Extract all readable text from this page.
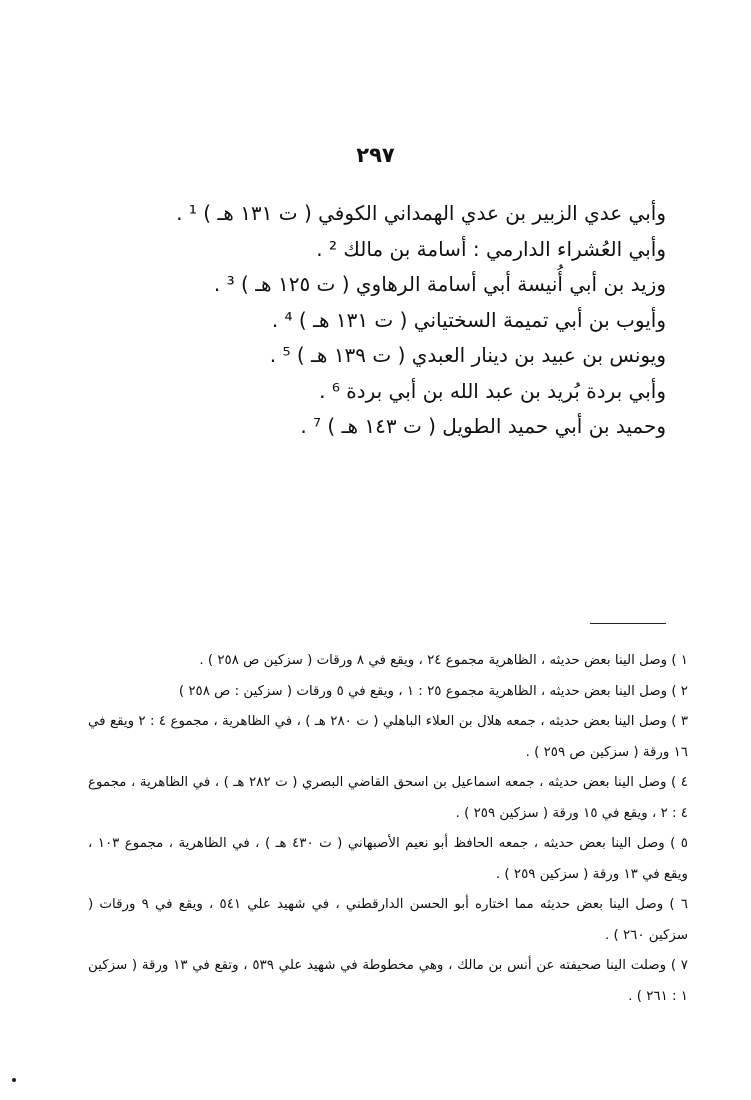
٢٩٧
وأبي عدي الزبير بن عدي الهمداني الكوفي ( ت ١٣١ هـ ) ¹ .
وأبي العُشراء الدارمي : أسامة بن مالك ² .
وزيد بن أبي أُنيسة أبي أسامة الرهاوي ( ت ١٢٥ هـ ) ³ .
وأيوب بن أبي تميمة السختياني ( ت ١٣١ هـ ) ⁴ .
ويونس بن عبيد بن دينار العبدي ( ت ١٣٩ هـ ) ⁵ .
وأبي بردة بُريد بن عبد الله بن أبي بردة ⁶ .
وحميد بن أبي حميد الطويل ( ت ١٤٣ هـ ) ⁷ .

١ ) وصل الينا بعض حديثه ، الظاهرية مجموع ٢٤ ، ويقع في ٨ ورقات ( سزكين ص ٢٥٨ ) .

٢ ) وصل الينا بعض حديثه ، الظاهرية مجموع ٢٥ : ١ ، ويقع في ٥ ورقات ( سزكين : ص ٢٥٨ )

٣ ) وصل الينا بعض حديثه ، جمعه هلال بن العلاء الباهلي ( ت ٢٨٠ هـ ) ، في الظاهرية ، مجموع ٤ : ٢ ويقع في ١٦ ورقة ( سزكين ص ٢٥٩ ) .

٤ ) وصل الينا بعض حديثه ، جمعه اسماعيل بن اسحق القاضي البصري ( ت ٢٨٢ هـ ) ، في الظاهرية ، مجموع ٤ : ٢ ، ويقع في ١٥ ورقة ( سزكين ٢٥٩ ) .

٥ ) وصل الينا بعض حديثه ، جمعه الحافظ أبو نعيم الأصبهاني ( ت ٤٣٠ هـ ) ، في الظاهرية ، مجموع ١٠٣ ، ويقع في ١٣ ورقة ( سزكين ٢٥٩ ) .

٦ ) وصل الينا بعض حديثه مما اختاره أبو الحسن الدارقطني ، في شهيد علي ٥٤١ ، ويقع في ٩ ورقات ( سزكين ٢٦٠ ) .

٧ ) وصلت الينا صحيفته عن أنس بن مالك ، وهي مخطوطة في شهيد علي ٥٣٩ ، وتقع في ١٣ ورقة ( سزكين ١ : ٢٦١ ) .
